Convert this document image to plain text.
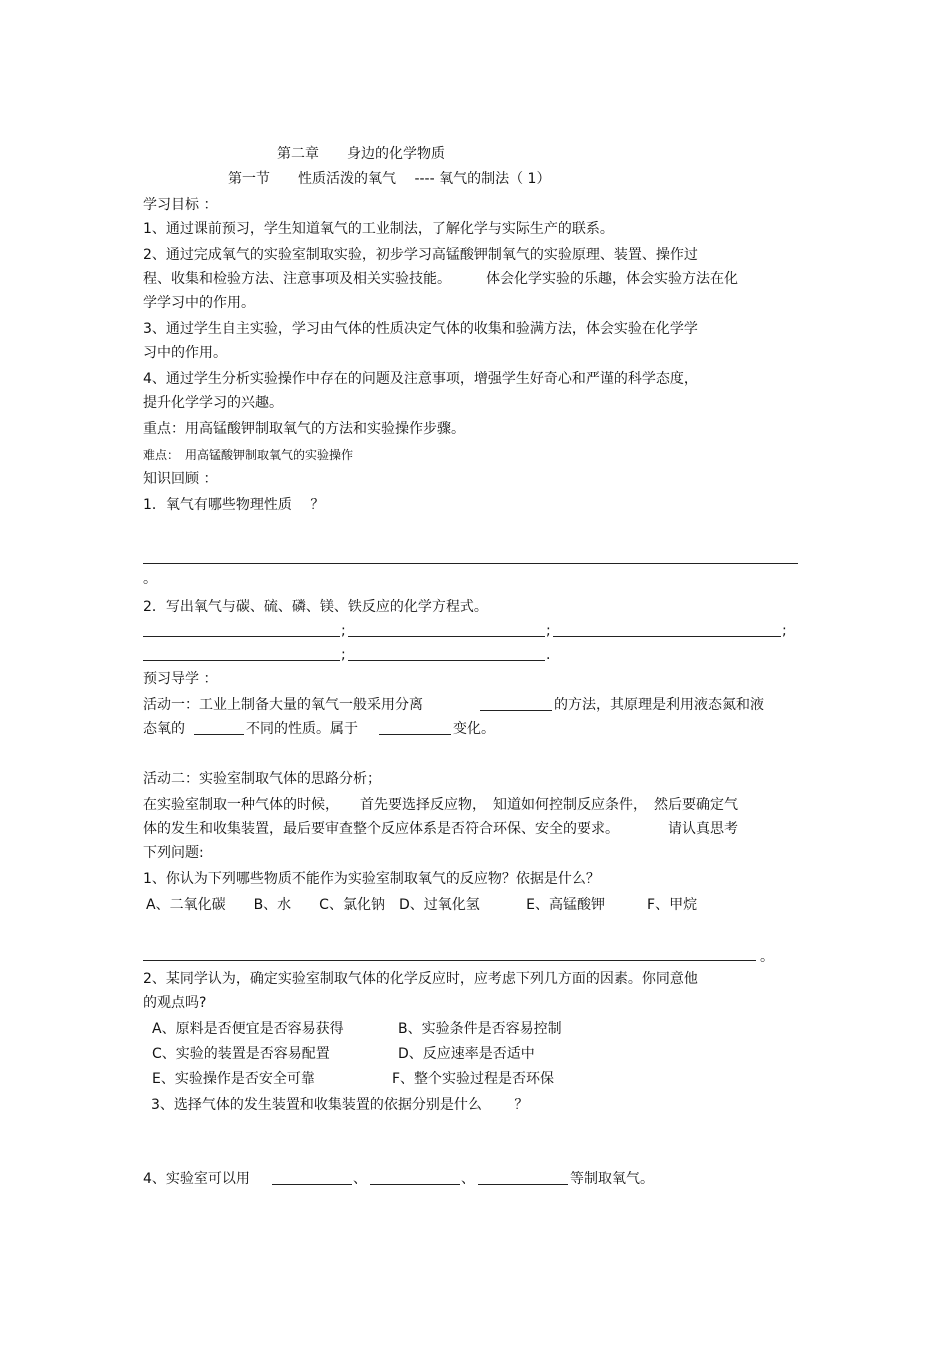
第二章　　身边的化学物质

第一节　　性质活泼的氧气　 ---- 氧气的制法（ 1）

学习目标 ：

1、通过课前预习，学生知道氧气的工业制法，了解化学与实际生产的联系。

2、通过完成氧气的实验室制取实验，初步学习高锰酸钾制氧气的实验原理、装置、操作过

程、收集和检验方法、注意事项及相关实验技能。　　　体会化学实验的乐趣，体会实验方法在化

学学习中的作用。

3、通过学生自主实验，学习由气体的性质决定气体的收集和验满方法，体会实验在化学学

习中的作用。

4、通过学生分析实验操作中存在的问题及注意事项，增强学生好奇心和严谨的科学态度，

提升化学学习的兴趣。

重点：用高锰酸钾制取氧气的方法和实验操作步骤。

难点：　用高锰酸钾制取氧气的实验操作

知识回顾 ：

1．氧气有哪些物理性质　 ？

。

2．写出氧气与碳、硫、磷、镁、铁反应的化学方程式。

;	;	;

;	.

预习导学 ：

活动一：工业上制备大量的氧气一般采用分离	的方法，其原理是利用液态氮和液

态氧的	不同的性质。属于	变化。

活动二：实验室制取气体的思路分析；

在实验室制取一种气体的时候，　　首先要选择反应物，　知道如何控制反应条件，　然后要确定气

体的发生和收集装置，最后要审查整个反应体系是否符合环保、安全的要求。　　　　请认真思考

下列问题:

1、你认为下列哪些物质不能作为实验室制取氧气的反应物？依据是什么？

A、二氧化碳　　B、水　　C、氯化钠　D、过氧化氢　　　 E、高锰酸钾　　　F、甲烷

。

2、某同学认为，确定实验室制取气体的化学反应时，应考虑下列几方面的因素。你同意他

的观点吗?

A、原料是否便宜是否容易获得	B、实验条件是否容易控制

C、实验的装置是否容易配置	D、反应速率是否适中

E、实验操作是否安全可靠	F、整个实验过程是否环保

3、选择气体的发生装置和收集装置的依据分别是什么　　 ？

4、实验室可以用	、	、	等制取氧气。
